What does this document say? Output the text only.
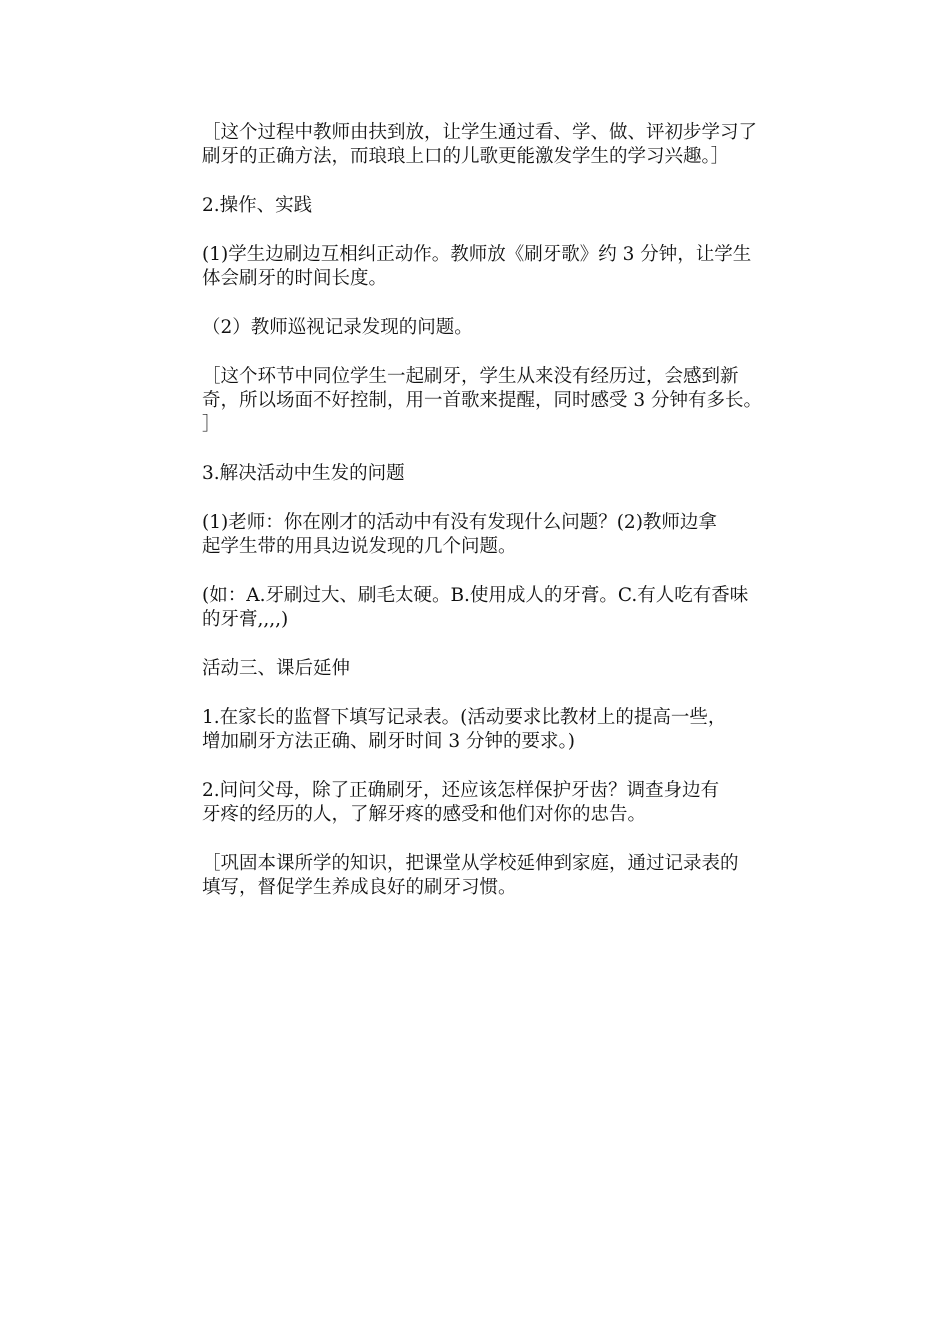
［这个过程中教师由扶到放，让学生通过看、学、做、评初步学习了
刷牙的正确方法，而琅琅上口的儿歌更能激发学生的学习兴趣。］

2.操作、实践

(1)学生边刷边互相纠正动作。教师放《刷牙歌》约 3 分钟，让学生
体会刷牙的时间长度。

（2）教师巡视记录发现的问题。

［这个环节中同位学生一起刷牙，学生从来没有经历过，会感到新
奇，所以场面不好控制，用一首歌来提醒，同时感受 3 分钟有多长。
］

3.解决活动中生发的问题

(1)老师：你在刚才的活动中有没有发现什么问题？(2)教师边拿
起学生带的用具边说发现的几个问题。

(如：A.牙刷过大、刷毛太硬。B.使用成人的牙膏。C.有人吃有香味
的牙膏,,,,)

活动三、课后延伸

1.在家长的监督下填写记录表。(活动要求比教材上的提高一些，
增加刷牙方法正确、刷牙时间 3 分钟的要求。)

2.问问父母，除了正确刷牙，还应该怎样保护牙齿？调查身边有
牙疼的经历的人，了解牙疼的感受和他们对你的忠告。

［巩固本课所学的知识，把课堂从学校延伸到家庭，通过记录表的
填写，督促学生养成良好的刷牙习惯。
